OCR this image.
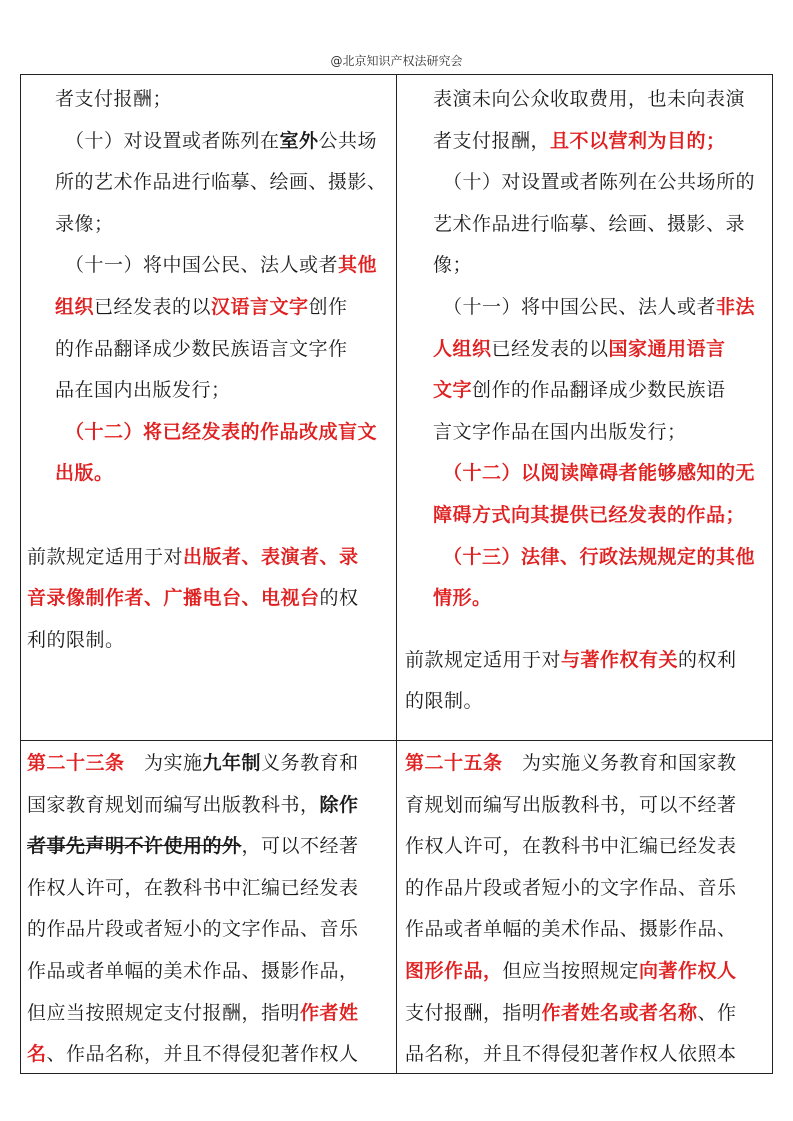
@北京知识产权法研究会

者支付报酬；

（十）对设置或者陈列在室外公共场

所的艺术作品进行临摹、绘画、摄影、

录像；

（十一）将中国公民、法人或者其他

组织已经发表的以汉语言文字创作

的作品翻译成少数民族语言文字作

品在国内出版发行；

（十二）将已经发表的作品改成盲文

出版。

前款规定适用于对出版者、表演者、录

音录像制作者、广播电台、电视台的权

利的限制。

表演未向公众收取费用，也未向表演

者支付报酬，且不以营利为目的；

（十）对设置或者陈列在公共场所的

艺术作品进行临摹、绘画、摄影、录

像；

（十一）将中国公民、法人或者非法

人组织已经发表的以国家通用语言

文字创作的作品翻译成少数民族语

言文字作品在国内出版发行；

（十二）以阅读障碍者能够感知的无

障碍方式向其提供已经发表的作品；

（十三）法律、行政法规规定的其他

情形。

前款规定适用于对与著作权有关的权利

的限制。

第二十三条　 为实施九年制义务教育和

国家教育规划而编写出版教科书，除作

者事先声明不许使用的外，可以不经著

作权人许可，在教科书中汇编已经发表

的作品片段或者短小的文字作品、音乐

作品或者单幅的美术作品、摄影作品，

但应当按照规定支付报酬，指明作者姓

名、作品名称，并且不得侵犯著作权人

第二十五条　 为实施义务教育和国家教

育规划而编写出版教科书，可以不经著

作权人许可，在教科书中汇编已经发表

的作品片段或者短小的文字作品、音乐

作品或者单幅的美术作品、摄影作品、

图形作品，但应当按照规定向著作权人

支付报酬，指明作者姓名或者名称、作

品名称，并且不得侵犯著作权人依照本
